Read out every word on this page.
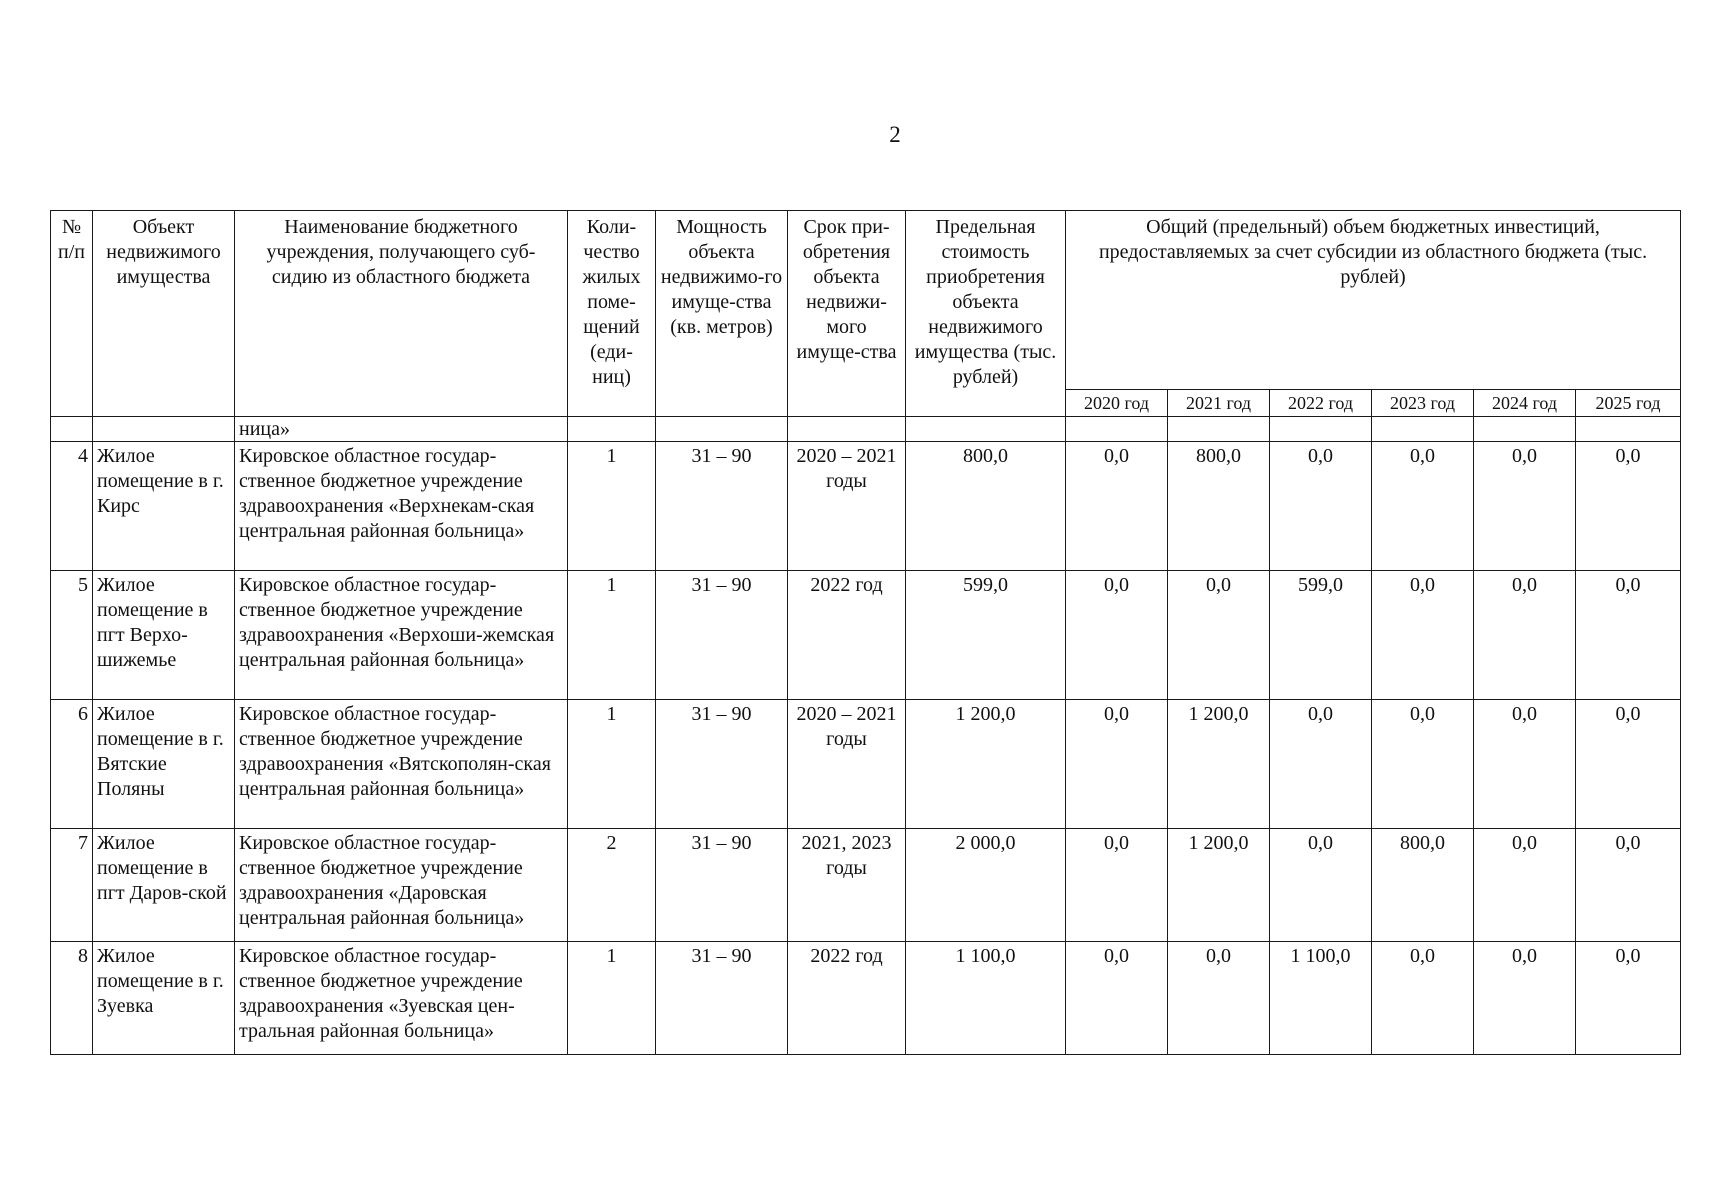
2
№ п/п	Объект недвижимого имущества	Наименование бюджетного учреждения, получающего суб-сидию из областного бюджета	Коли-чество жилых поме-щений (еди-ниц)	Мощность объекта недвижимо-го имуще-ства (кв. метров)	Срок при-обретения объекта недвижи-мого имуще-ства	Предельная стоимость приобретения объекта недвижимого имущества (тыс. рублей)	Общий (предельный) объем бюджетных инвестиций, предоставляемых за счет субсидии из областного бюджета (тыс. рублей)					
							2020 год	2021 год	2022 год	2023 год	2024 год	2025 год
		ница»										
4	Жилое помещение в г. Кирс	Кировское областное государ-ственное бюджетное учреждение здравоохранения «Верхнекам-ская центральная районная больница»	1	31 – 90	2020 – 2021 годы	800,0	0,0	800,0	0,0	0,0	0,0	0,0
5	Жилое помещение в пгт Верхо-шижемье	Кировское областное государ-ственное бюджетное учреждение здравоохранения «Верхоши-жемская центральная районная больница»	1	31 – 90	2022 год	599,0	0,0	0,0	599,0	0,0	0,0	0,0
6	Жилое помещение в г. Вятские Поляны	Кировское областное государ-ственное бюджетное учреждение здравоохранения «Вятскополян-ская центральная районная больница»	1	31 – 90	2020 – 2021 годы	1 200,0	0,0	1 200,0	0,0	0,0	0,0	0,0
7	Жилое помещение в пгт Даров-ской	Кировское областное государ-ственное бюджетное учреждение здравоохранения «Даровская центральная районная больница»	2	31 – 90	2021, 2023 годы	2 000,0	0,0	1 200,0	0,0	800,0	0,0	0,0
8	Жилое помещение в г. Зуевка	Кировское областное государ-ственное бюджетное учреждение здравоохранения «Зуевская цен-тральная районная больница»	1	31 – 90	2022 год	1 100,0	0,0	0,0	1 100,0	0,0	0,0	0,0
